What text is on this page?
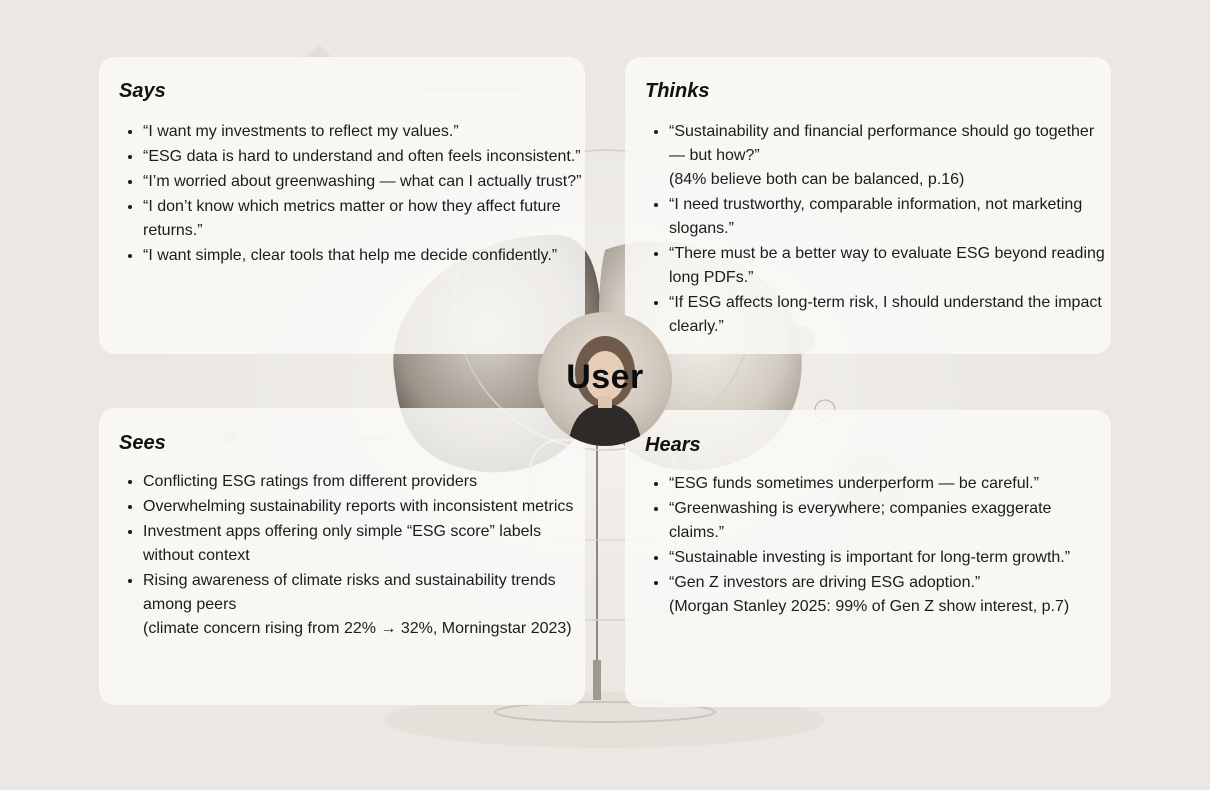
Says
• “I want my investments to reflect my values.”
• “ESG data is hard to understand and often feels inconsistent.”
• “I’m worried about greenwashing — what can I actually trust?”
• “I don’t know which metrics matter or how they affect future returns.”
• “I want simple, clear tools that help me decide confidently.”
Thinks
• “Sustainability and financial performance should go together — but how?”
(84% believe both can be balanced, p.16)
• “I need trustworthy, comparable information, not marketing slogans.”
• “There must be a better way to evaluate ESG beyond reading long PDFs.”
• “If ESG affects long-term risk, I should understand the impact clearly.”
Sees
• Conflicting ESG ratings from different providers
• Overwhelming sustainability reports with inconsistent metrics
• Investment apps offering only simple “ESG score” labels without context
• Rising awareness of climate risks and sustainability trends among peers
(climate concern rising from 22% → 32%, Morningstar 2023)
Hears
• “ESG funds sometimes underperform — be careful.”
• “Greenwashing is everywhere; companies exaggerate claims.”
• “Sustainable investing is important for long-term growth.”
• “Gen Z investors are driving ESG adoption.”
(Morgan Stanley 2025: 99% of Gen Z show interest, p.7)
User
